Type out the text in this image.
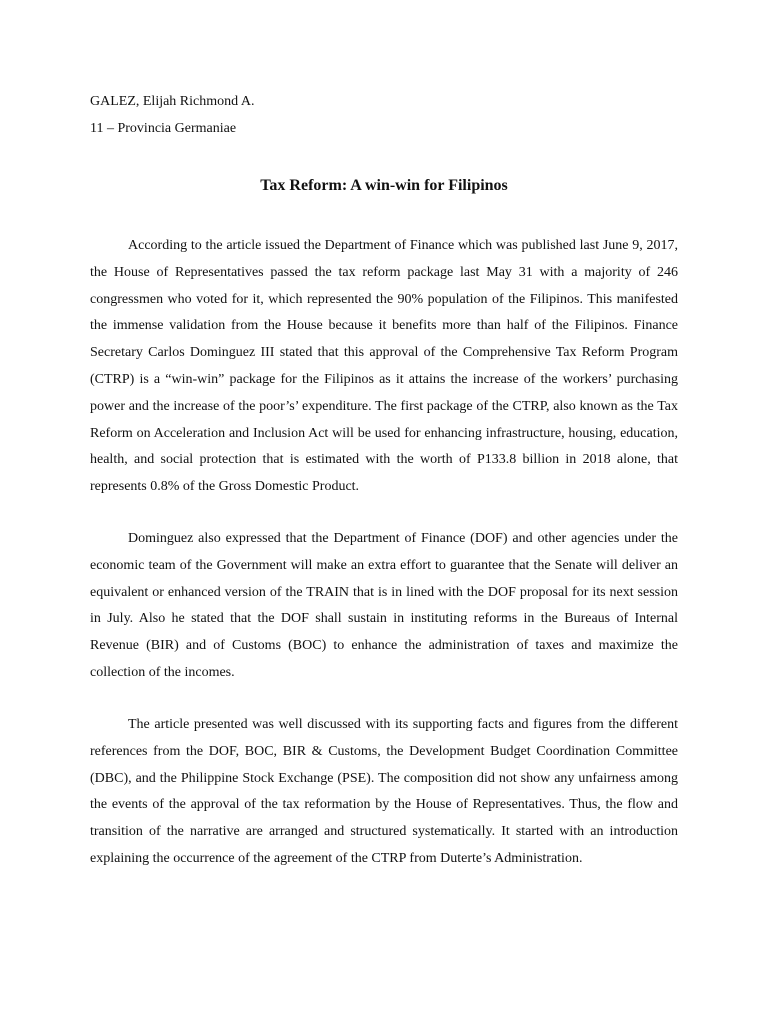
GALEZ, Elijah Richmond A.
11 – Provincia Germaniae
Tax Reform: A win-win for Filipinos

According to the article issued the Department of Finance which was published last June 9, 2017, the House of Representatives passed the tax reform package last May 31 with a majority of 246 congressmen who voted for it, which represented the 90% population of the Filipinos. This manifested the immense validation from the House because it benefits more than half of the Filipinos. Finance Secretary Carlos Dominguez III stated that this approval of the Comprehensive Tax Reform Program (CTRP) is a “win-win” package for the Filipinos as it attains the increase of the workers’ purchasing power and the increase of the poor’s’ expenditure. The first package of the CTRP, also known as the Tax Reform on Acceleration and Inclusion Act will be used for enhancing infrastructure, housing, education, health, and social protection that is estimated with the worth of P133.8 billion in 2018 alone, that represents 0.8% of the Gross Domestic Product.

Dominguez also expressed that the Department of Finance (DOF) and other agencies under the economic team of the Government will make an extra effort to guarantee that the Senate will deliver an equivalent or enhanced version of the TRAIN that is in lined with the DOF proposal for its next session in July. Also he stated that the DOF shall sustain in instituting reforms in the Bureaus of Internal Revenue (BIR) and of Customs (BOC) to enhance the administration of taxes and maximize the collection of the incomes.

The article presented was well discussed with its supporting facts and figures from the different references from the DOF, BOC, BIR & Customs, the Development Budget Coordination Committee (DBC), and the Philippine Stock Exchange (PSE). The composition did not show any unfairness among the events of the approval of the tax reformation by the House of Representatives. Thus, the flow and transition of the narrative are arranged and structured systematically. It started with an introduction explaining the occurrence of the agreement of the CTRP from Duterte’s Administration.
